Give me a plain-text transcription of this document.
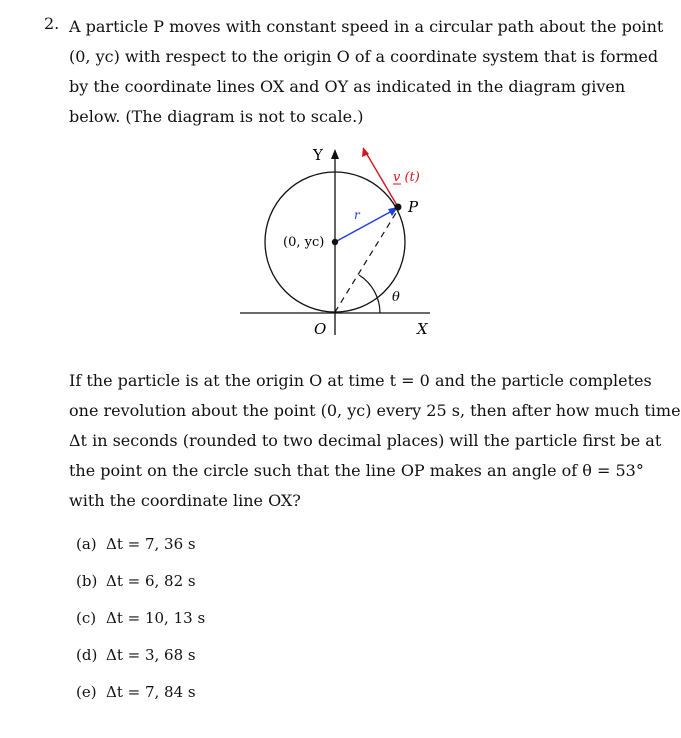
2. A particle P moves with constant speed in a circular path about the point
(0, yc) with respect to the origin O of a coordinate system that is formed
by the coordinate lines OX and OY as indicated in the diagram given
below. (The diagram is not to scale.)
Y
X
O
(0, yc)
r	P
v (t)
θ
If the particle is at the origin O at time t = 0 and the particle completes
one revolution about the point (0, yc) every 25 s, then after how much time
Δt in seconds (rounded to two decimal places) will the particle first be at
the point on the circle such that the line OP makes an angle of θ = 53°
with the coordinate line OX?
(a) Δt = 7, 36 s
(b) Δt = 6, 82 s
(c) Δt = 10, 13 s
(d) Δt = 3, 68 s
(e) Δt = 7, 84 s
